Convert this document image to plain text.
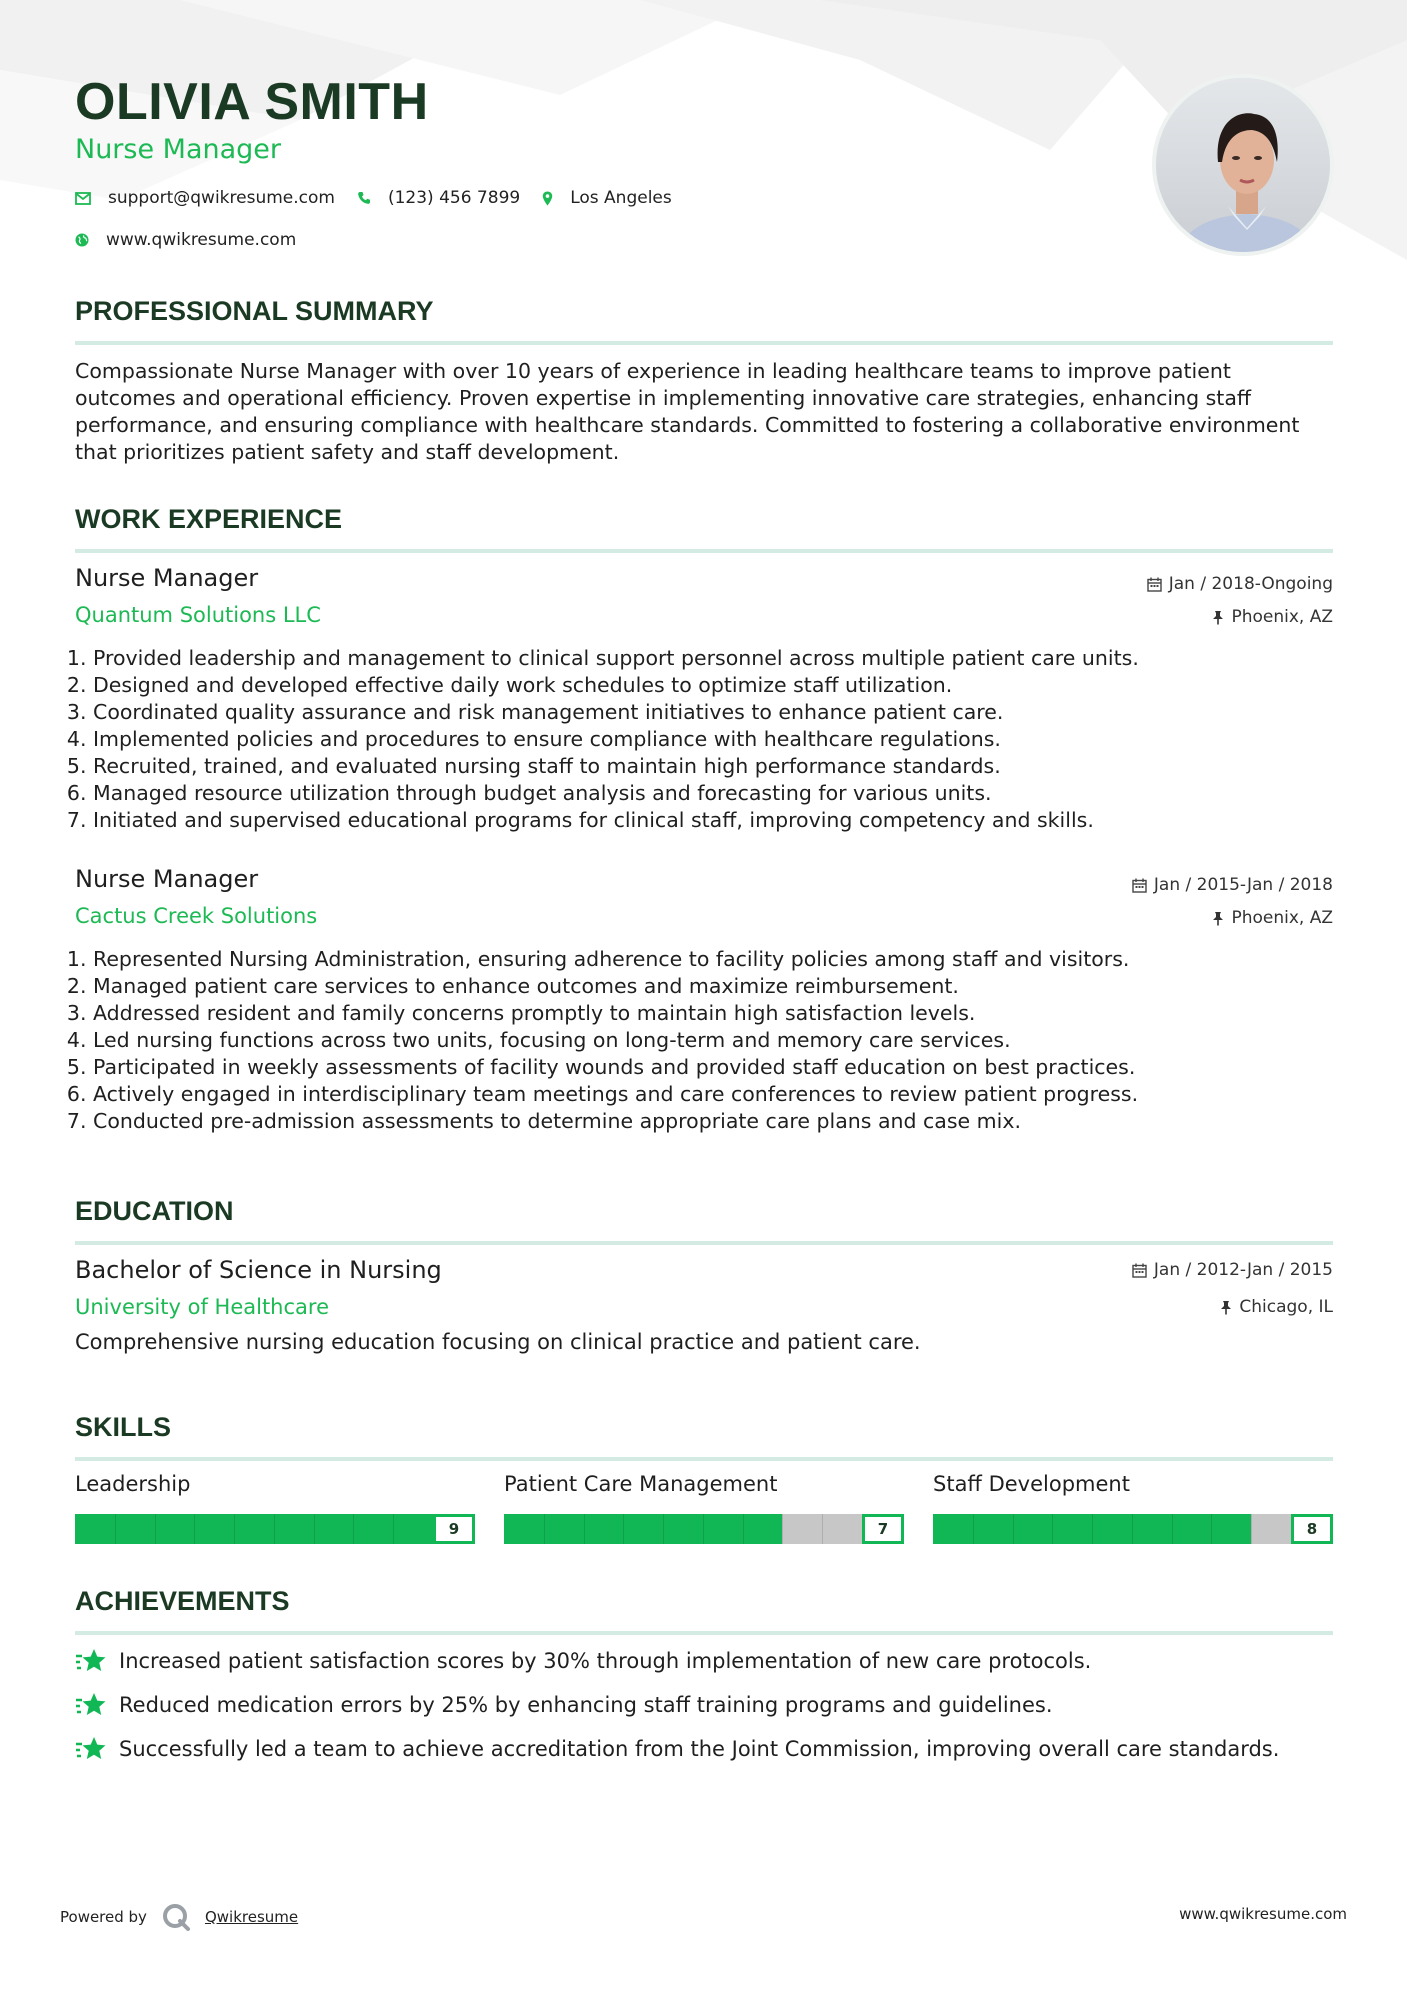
OLIVIA SMITH
Nurse Manager
support@qwikresume.com	(123) 456 7899	Los Angeles
www.qwikresume.com
PROFESSIONAL SUMMARY

Compassionate Nurse Manager with over 10 years of experience in leading healthcare teams to improve patient outcomes and operational efficiency. Proven expertise in implementing innovative care strategies, enhancing staff performance, and ensuring compliance with healthcare standards. Committed to fostering a collaborative environment that prioritizes patient safety and staff development.

WORK EXPERIENCE
Nurse Manager
Quantum Solutions LLC
Jan / 2018-Ongoing
Phoenix, AZ
1. Provided leadership and management to clinical support personnel across multiple patient care units.
2. Designed and developed effective daily work schedules to optimize staff utilization.
3. Coordinated quality assurance and risk management initiatives to enhance patient care.
4. Implemented policies and procedures to ensure compliance with healthcare regulations.
5. Recruited, trained, and evaluated nursing staff to maintain high performance standards.
6. Managed resource utilization through budget analysis and forecasting for various units.
7. Initiated and supervised educational programs for clinical staff, improving competency and skills.
Nurse Manager
Cactus Creek Solutions
Jan / 2015-Jan / 2018
Phoenix, AZ
1. Represented Nursing Administration, ensuring adherence to facility policies among staff and visitors.
2. Managed patient care services to enhance outcomes and maximize reimbursement.
3. Addressed resident and family concerns promptly to maintain high satisfaction levels.
4. Led nursing functions across two units, focusing on long-term and memory care services.
5. Participated in weekly assessments of facility wounds and provided staff education on best practices.
6. Actively engaged in interdisciplinary team meetings and care conferences to review patient progress.
7. Conducted pre-admission assessments to determine appropriate care plans and case mix.
EDUCATION
Bachelor of Science in Nursing
University of Healthcare
Jan / 2012-Jan / 2015
Chicago, IL
Comprehensive nursing education focusing on clinical practice and patient care.
SKILLS
Leadership
9
Patient Care Management
7
Staff Development
8
ACHIEVEMENTS
Increased patient satisfaction scores by 30% through implementation of new care protocols.
Reduced medication errors by 25% by enhancing staff training programs and guidelines.
Successfully led a team to achieve accreditation from the Joint Commission, improving overall care standards.
Powered by	Qwikresume	www.qwikresume.com
